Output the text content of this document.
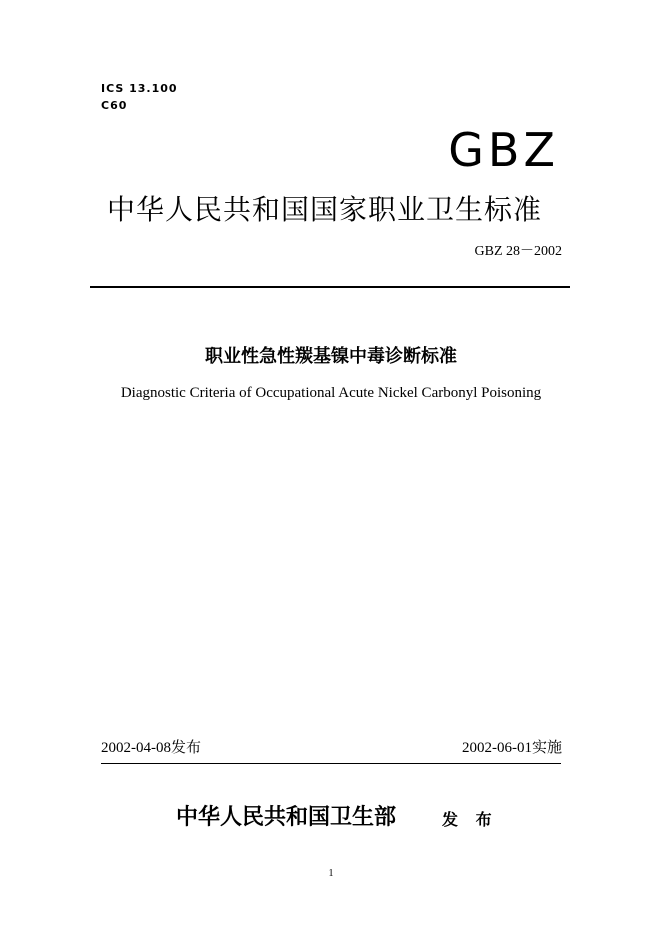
ICS 13.100
C60
GBZ
中华人民共和国国家职业卫生标准
GBZ 28－2002
职业性急性羰基镍中毒诊断标准
Diagnostic Criteria of Occupational Acute Nickel Carbonyl Poisoning
2002-04-08发布	2002-06-01实施
中华人民共和国卫生部	发 布
1
